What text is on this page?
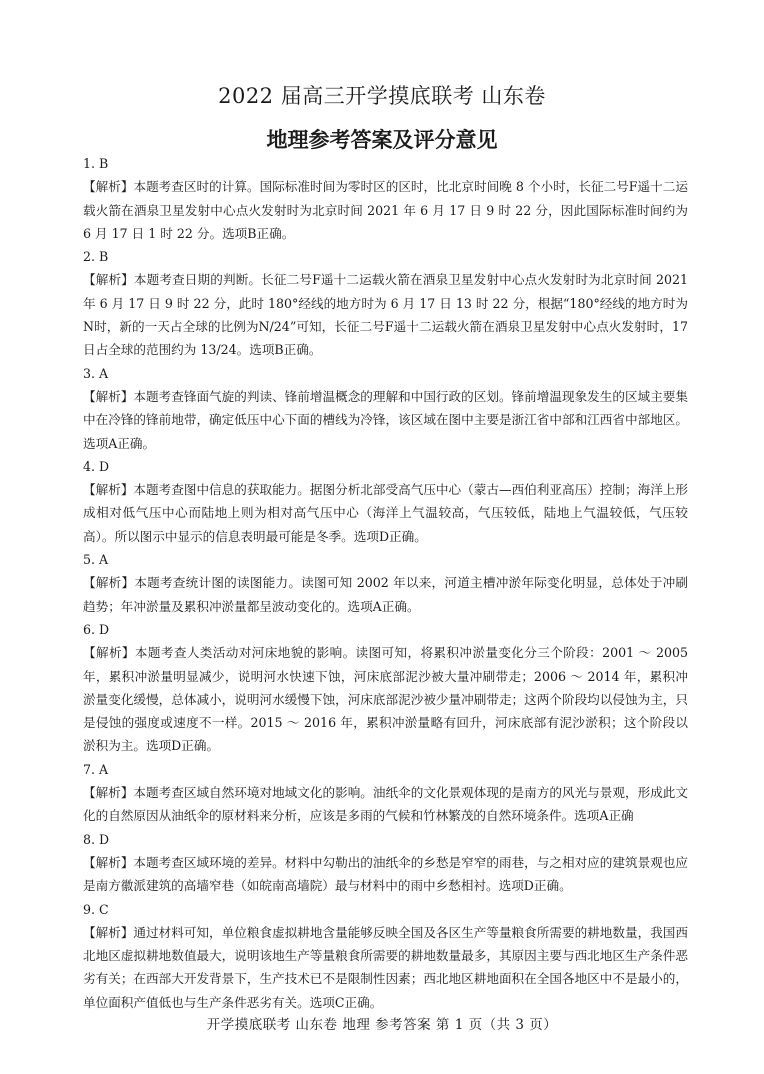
2022 届高三开学摸底联考 山东卷
地理参考答案及评分意见

1. B

【解析】本题考查区时的计算。国际标准时间为零时区的区时，比北京时间晚 8 个小时，长征二号F遥十二运载火箭在酒泉卫星发射中心点火发射时为北京时间 2021 年 6 月 17 日 9 时 22 分，因此国际标准时间约为 6 月 17 日 1 时 22 分。选项B正确。

2. B

【解析】本题考查日期的判断。长征二号F遥十二运载火箭在酒泉卫星发射中心点火发射时为北京时间 2021 年 6 月 17 日 9 时 22 分，此时 180°经线的地方时为 6 月 17 日 13 时 22 分，根据“180°经线的地方时为N时，新的一天占全球的比例为N/24”可知，长征二号F遥十二运载火箭在酒泉卫星发射中心点火发射时，17 日占全球的范围约为 13/24。选项B正确。

3. A

【解析】本题考查锋面气旋的判读、锋前增温概念的理解和中国行政的区划。锋前增温现象发生的区域主要集中在冷锋的锋前地带，确定低压中心下面的槽线为冷锋，该区域在图中主要是浙江省中部和江西省中部地区。选项A正确。

4. D

【解析】本题考查图中信息的获取能力。据图分析北部受高气压中心（蒙古—西伯利亚高压）控制；海洋上形成相对低气压中心而陆地上则为相对高气压中心（海洋上气温较高，气压较低，陆地上气温较低，气压较高）。所以图示中显示的信息表明最可能是冬季。选项D正确。

5. A

【解析】本题考查统计图的读图能力。读图可知 2002 年以来，河道主槽冲淤年际变化明显，总体处于冲刷趋势；年冲淤量及累积冲淤量都呈波动变化的。选项A正确。

6. D

【解析】本题考查人类活动对河床地貌的影响。读图可知，将累积冲淤量变化分三个阶段：2001 ～ 2005 年，累积冲淤量明显减少，说明河水快速下蚀，河床底部泥沙被大量冲刷带走；2006 ～ 2014 年，累积冲淤量变化缓慢，总体减小，说明河水缓慢下蚀，河床底部泥沙被少量冲刷带走；这两个阶段均以侵蚀为主，只是侵蚀的强度或速度不一样。2015 ～ 2016 年，累积冲淤量略有回升，河床底部有泥沙淤积；这个阶段以淤积为主。选项D正确。

7. A

【解析】本题考查区域自然环境对地域文化的影响。油纸伞的文化景观体现的是南方的风光与景观，形成此文化的自然原因从油纸伞的原材料来分析，应该是多雨的气候和竹林繁茂的自然环境条件。选项A正确

8. D

【解析】本题考查区域环境的差异。材料中勾勒出的油纸伞的乡愁是窄窄的雨巷，与之相对应的建筑景观也应是南方徽派建筑的高墙窄巷（如皖南高墙院）最与材料中的雨中乡愁相衬。选项D正确。

9. C

【解析】通过材料可知，单位粮食虚拟耕地含量能够反映全国及各区生产等量粮食所需要的耕地数量，我国西北地区虚拟耕地数值最大，说明该地生产等量粮食所需要的耕地数量最多，其原因主要与西北地区生产条件恶劣有关；在西部大开发背景下，生产技术已不是限制性因素；西北地区耕地面积在全国各地区中不是最小的，单位面积产值低也与生产条件恶劣有关。选项C正确。

开学摸底联考 山东卷 地理 参考答案 第 1 页（共 3 页）
